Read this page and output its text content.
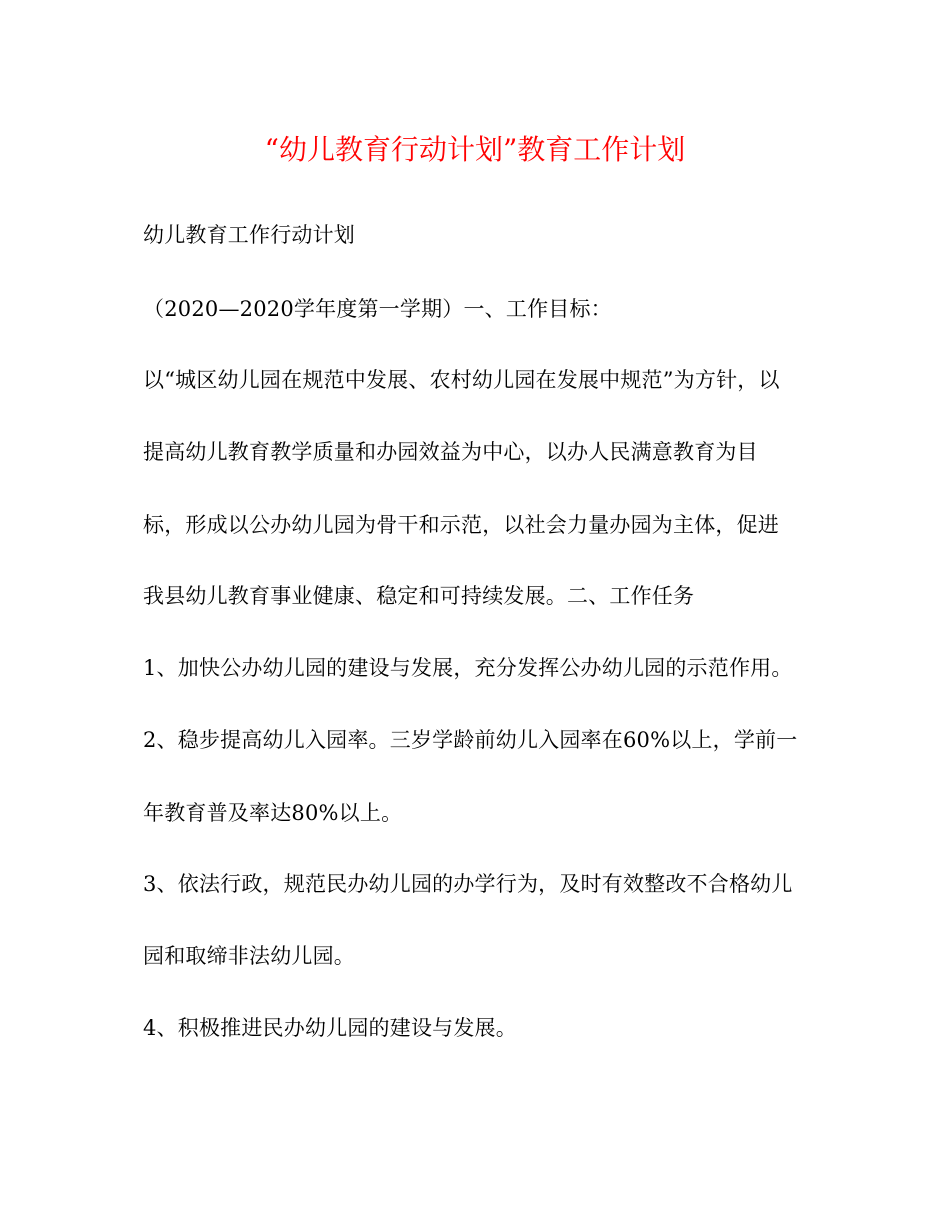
“幼儿教育行动计划”教育工作计划
幼儿教育工作行动计划
（2020—2020学年度第一学期）一、工作目标：
以“城区幼儿园在规范中发展、农村幼儿园在发展中规范”为方针，以
提高幼儿教育教学质量和办园效益为中心，以办人民满意教育为目
标，形成以公办幼儿园为骨干和示范，以社会力量办园为主体，促进
我县幼儿教育事业健康、稳定和可持续发展。二、工作任务
1、加快公办幼儿园的建设与发展，充分发挥公办幼儿园的示范作用。
2、稳步提高幼儿入园率。三岁学龄前幼儿入园率在60%以上，学前一
年教育普及率达80%以上。
3、依法行政，规范民办幼儿园的办学行为，及时有效整改不合格幼儿
园和取缔非法幼儿园。
4、积极推进民办幼儿园的建设与发展。
